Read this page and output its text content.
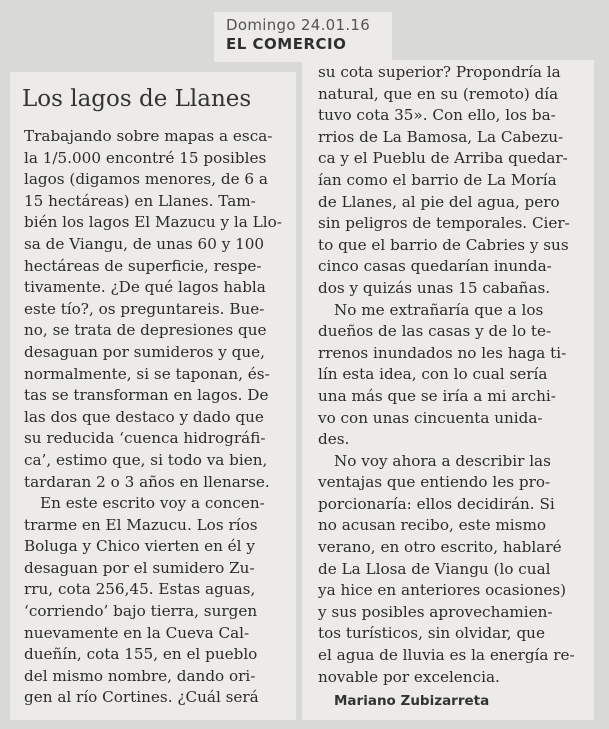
Domingo 24.01.16
EL COMERCIO
Los lagos de Llanes
Trabajando sobre mapas a esca-
la 1/5.000 encontré 15 posibles
lagos (digamos menores, de 6 a
15 hectáreas) en Llanes. Tam-
bién los lagos El Mazucu y la Llo-
sa de Viangu, de unas 60 y 100
hectáreas de superficie, respe-
tivamente. ¿De qué lagos habla
este tío?, os preguntareis. Bue-
no, se trata de depresiones que
desaguan por sumideros y que,
normalmente, si se taponan, és-
tas se transforman en lagos. De
las dos que destaco y dado que
su reducida ‘cuenca hidrográfi-
ca’, estimo que, si todo va bien,
tardaran 2 o 3 años en llenarse.
En este escrito voy a concen-
trarme en El Mazucu. Los ríos
Boluga y Chico vierten en él y
desaguan por el sumidero Zu-
rru, cota 256,45. Estas aguas,
‘corriendo’ bajo tierra, surgen
nuevamente en la Cueva Cal-
dueñín, cota 155, en el pueblo
del mismo nombre, dando ori-
gen al río Cortines. ¿Cuál será
su cota superior? Propondría la
natural, que en su (remoto) día
tuvo cota 35». Con ello, los ba-
rrios de La Bamosa, La Cabezu-
ca y el Pueblu de Arriba quedar-
ían como el barrio de La Moría
de Llanes, al pie del agua, pero
sin peligros de temporales. Cier-
to que el barrio de Cabries y sus
cinco casas quedarían inunda-
dos y quizás unas 15 cabañas.
No me extrañaría que a los
dueños de las casas y de lo te-
rrenos inundados no les haga ti-
lín esta idea, con lo cual sería
una más que se iría a mi archi-
vo con unas cincuenta unida-
des.
No voy ahora a describir las
ventajas que entiendo les pro-
porcionaría: ellos decidirán. Si
no acusan recibo, este mismo
verano, en otro escrito, hablaré
de La Llosa de Viangu (lo cual
ya hice en anteriores ocasiones)
y sus posibles aprovechamien-
tos turísticos, sin olvidar, que
el agua de lluvia es la energía re-
novable por excelencia.
Mariano Zubizarreta
